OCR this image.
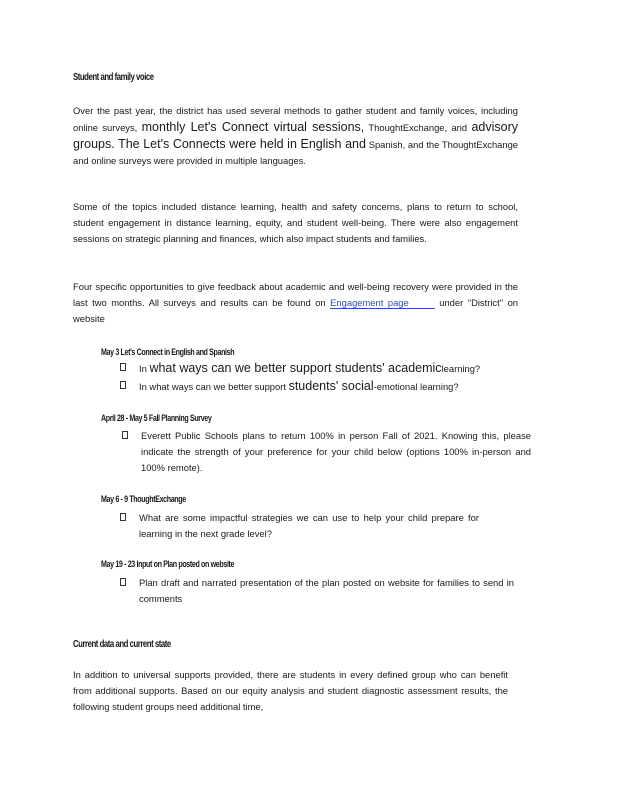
Student and family voice
Over the past year, the district has used several methods to gather student and family voices, including online surveys, monthly Let's Connect virtual sessions, ThoughtExchange, and advisory groups. The Let's Connects were held in English and Spanish, and the ThoughtExchange and online surveys were provided in multiple languages.
Some of the topics included distance learning, health and safety concerns, plans to return to school, student engagement in distance learning, equity, and student well-being. There were also engagement sessions on strategic planning and finances, which also impact students and families.
Four specific opportunities to give feedback about academic and well-being recovery were provided in the last two months. All surveys and results can be found on Engagement page	under "District" on website
May 3 Let's Connect in English and Spanish
In what ways can we better support students' academiclearning?
In what ways can we better support students' social-emotional learning?
April 28 - May 5 Fall Planning Survey
Everett Public Schools plans to return 100% in person Fall of 2021. Knowing this, please indicate the strength of your preference for your child below (options 100% in-person and 100% remote).
May 6 - 9 ThoughtExchange
What are some impactful strategies we can use to help your child prepare for learning in the next grade level?
May 19 - 23 Input on Plan posted on website
Plan draft and narrated presentation of the plan posted on website for families to send in comments
Current data and current state
In addition to universal supports provided, there are students in every defined group who can benefit from additional supports. Based on our equity analysis and student diagnostic assessment results, the following student groups need additional time,
